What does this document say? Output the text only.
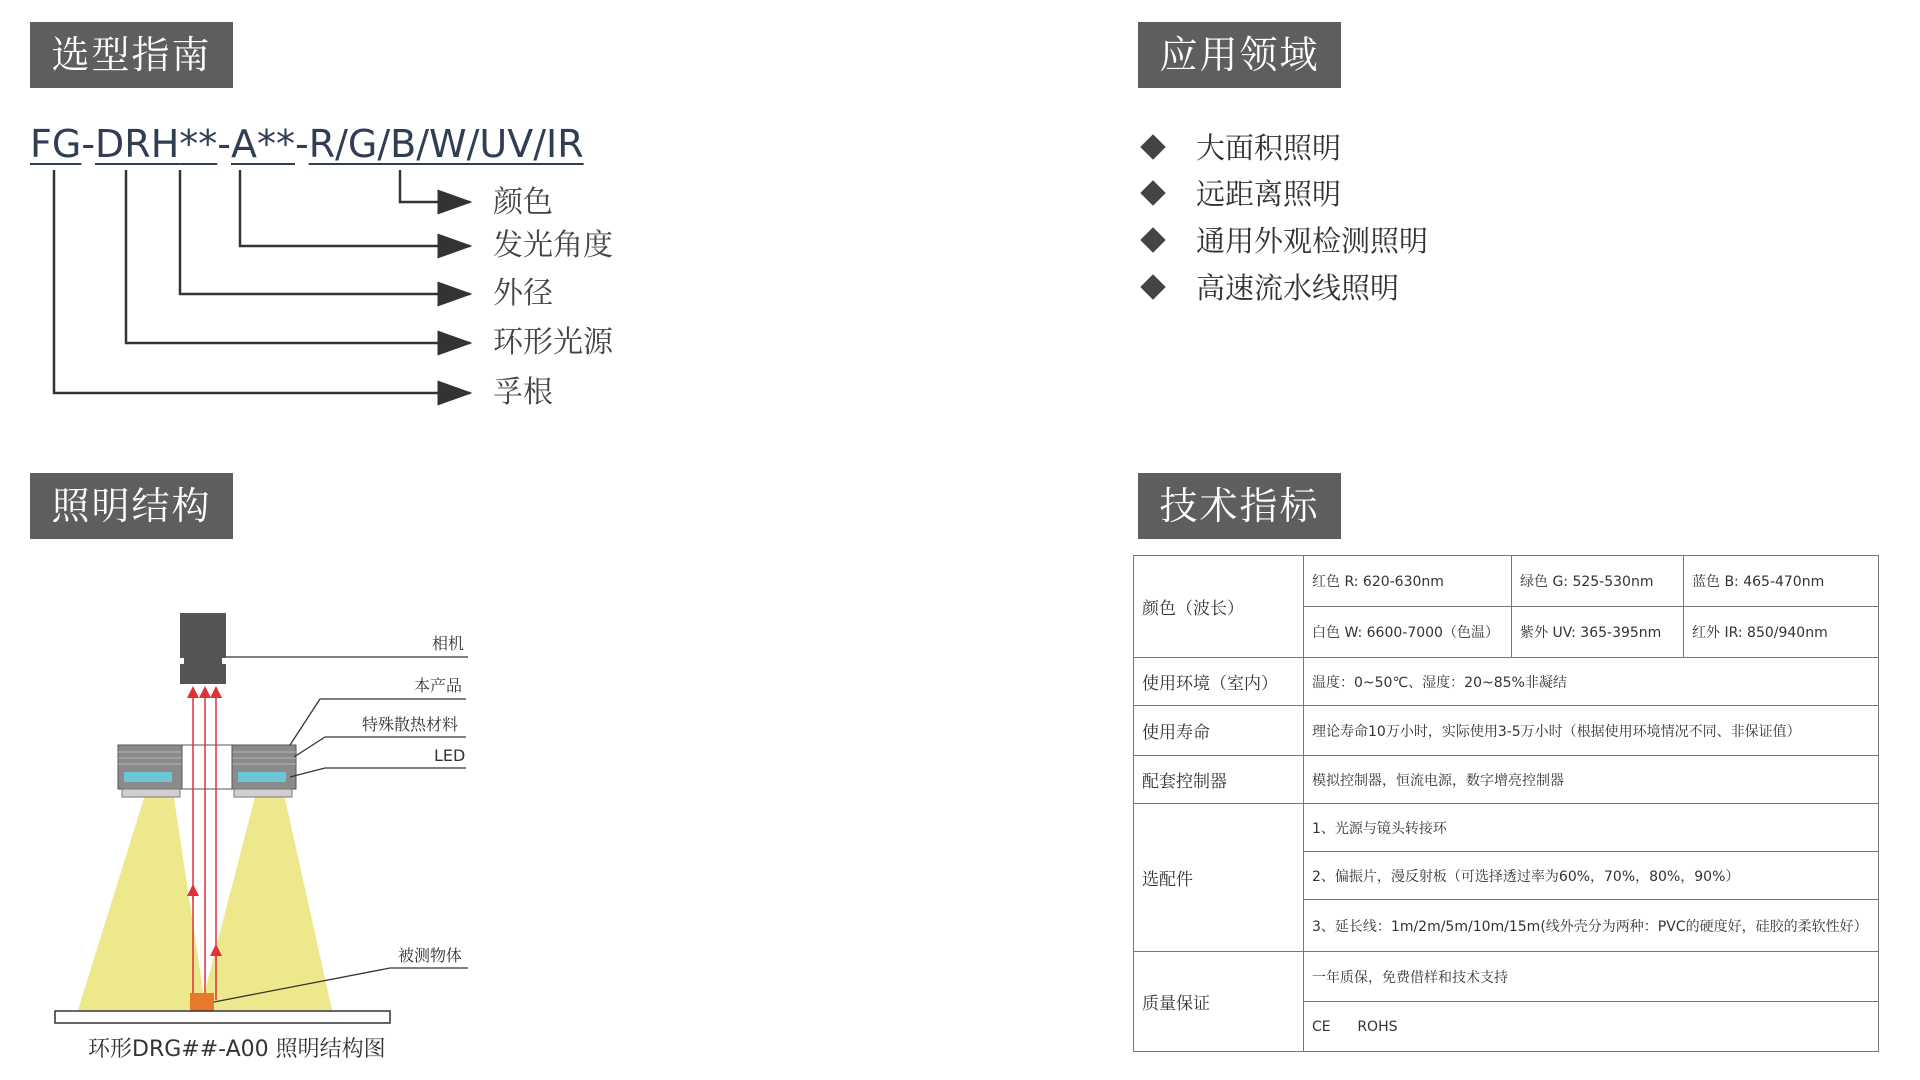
选型指南	应用领域
照明结构	技术指标
FG-DRH**-A**-R/G/B/W/UV/IR
颜色
发光角度
外径
环形光源
孚根
大面积照明
远距离照明
通用外观检测照明
高速流水线照明
相机
本产品
特殊散热材料
LED
被测物体
环形DRG##-A00 照明结构图
颜色（波长）	红色 R: 620-630nm	绿色 G: 525-530nm	蓝色 B: 465-470nm
	白色 W: 6600-7000（色温）	紫外 UV: 365-395nm	红外 IR: 850/940nm
使用环境（室内）	温度：0~50℃、湿度：20~85%非凝结		
使用寿命	理论寿命10万小时，实际使用3-5万小时（根据使用环境情况不同、非保证值）		
配套控制器	模拟控制器，恒流电源，数字增亮控制器		
选配件	1、光源与镜头转接环		
	2、偏振片，漫反射板（可选择透过率为60%，70%，80%，90%）		
	3、延长线：1m/2m/5m/10m/15m(线外壳分为两种：PVC的硬度好，硅胶的柔软性好）		
质量保证	一年质保，免费借样和技术支持		
	CE      ROHS		
